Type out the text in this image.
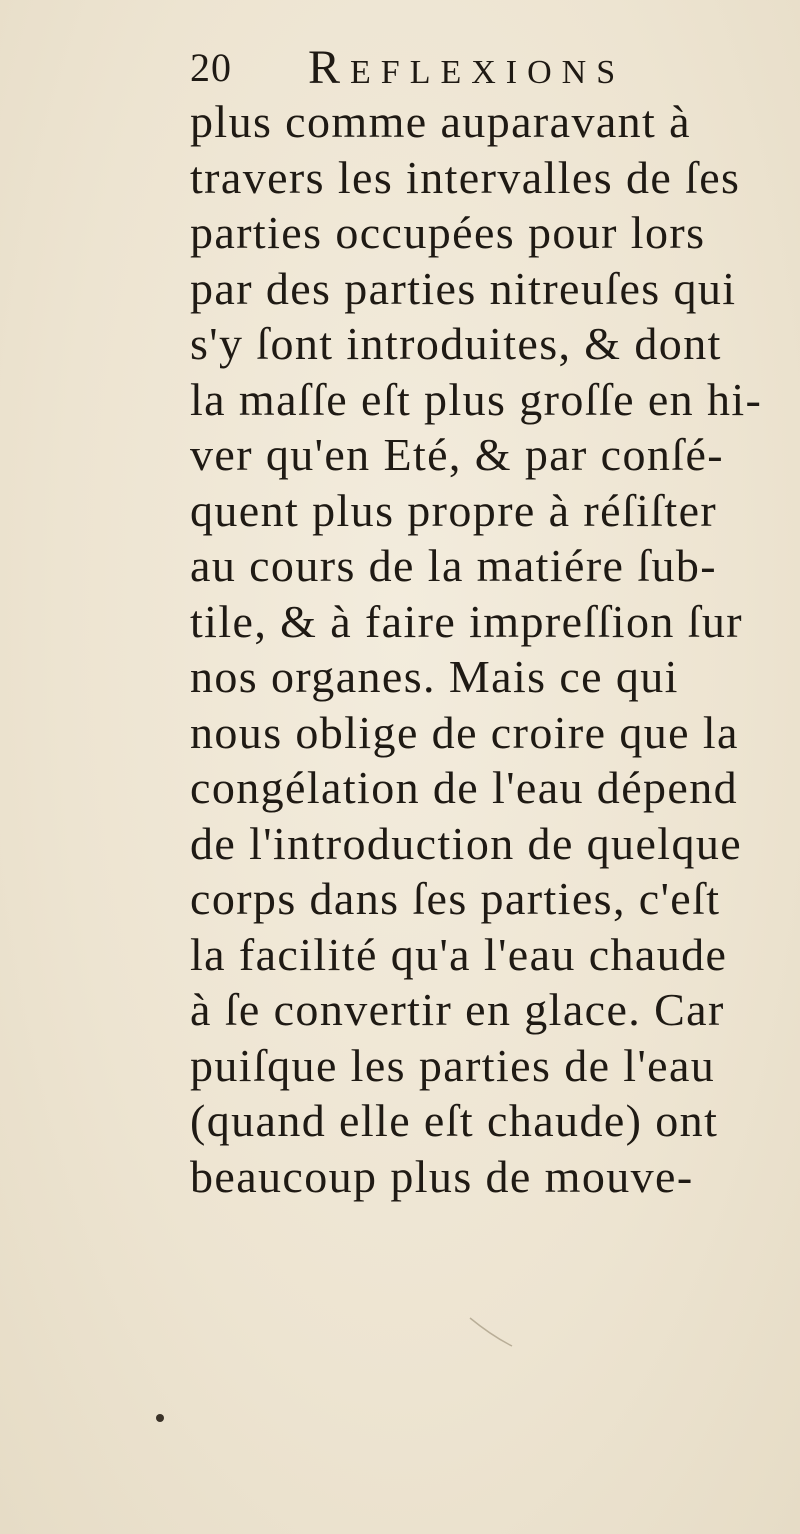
20 Reflexions
plus comme auparavant à
travers les intervalles de ſes
parties occupées pour lors
par des parties nitreuſes qui
s'y ſont introduites, & dont
la maſſe eſt plus groſſe en hi-
ver qu'en Eté, & par conſé-
quent plus propre à réſiſter
au cours de la matiére ſub-
tile, & à faire impreſſion ſur
nos organes. Mais ce qui
nous oblige de croire que la
congélation de l'eau dépend
de l'introduction de quelque
corps dans ſes parties, c'eſt
la facilité qu'a l'eau chaude
à ſe convertir en glace. Car
puiſque les parties de l'eau
(quand elle eſt chaude) ont
beaucoup plus de mouve-
